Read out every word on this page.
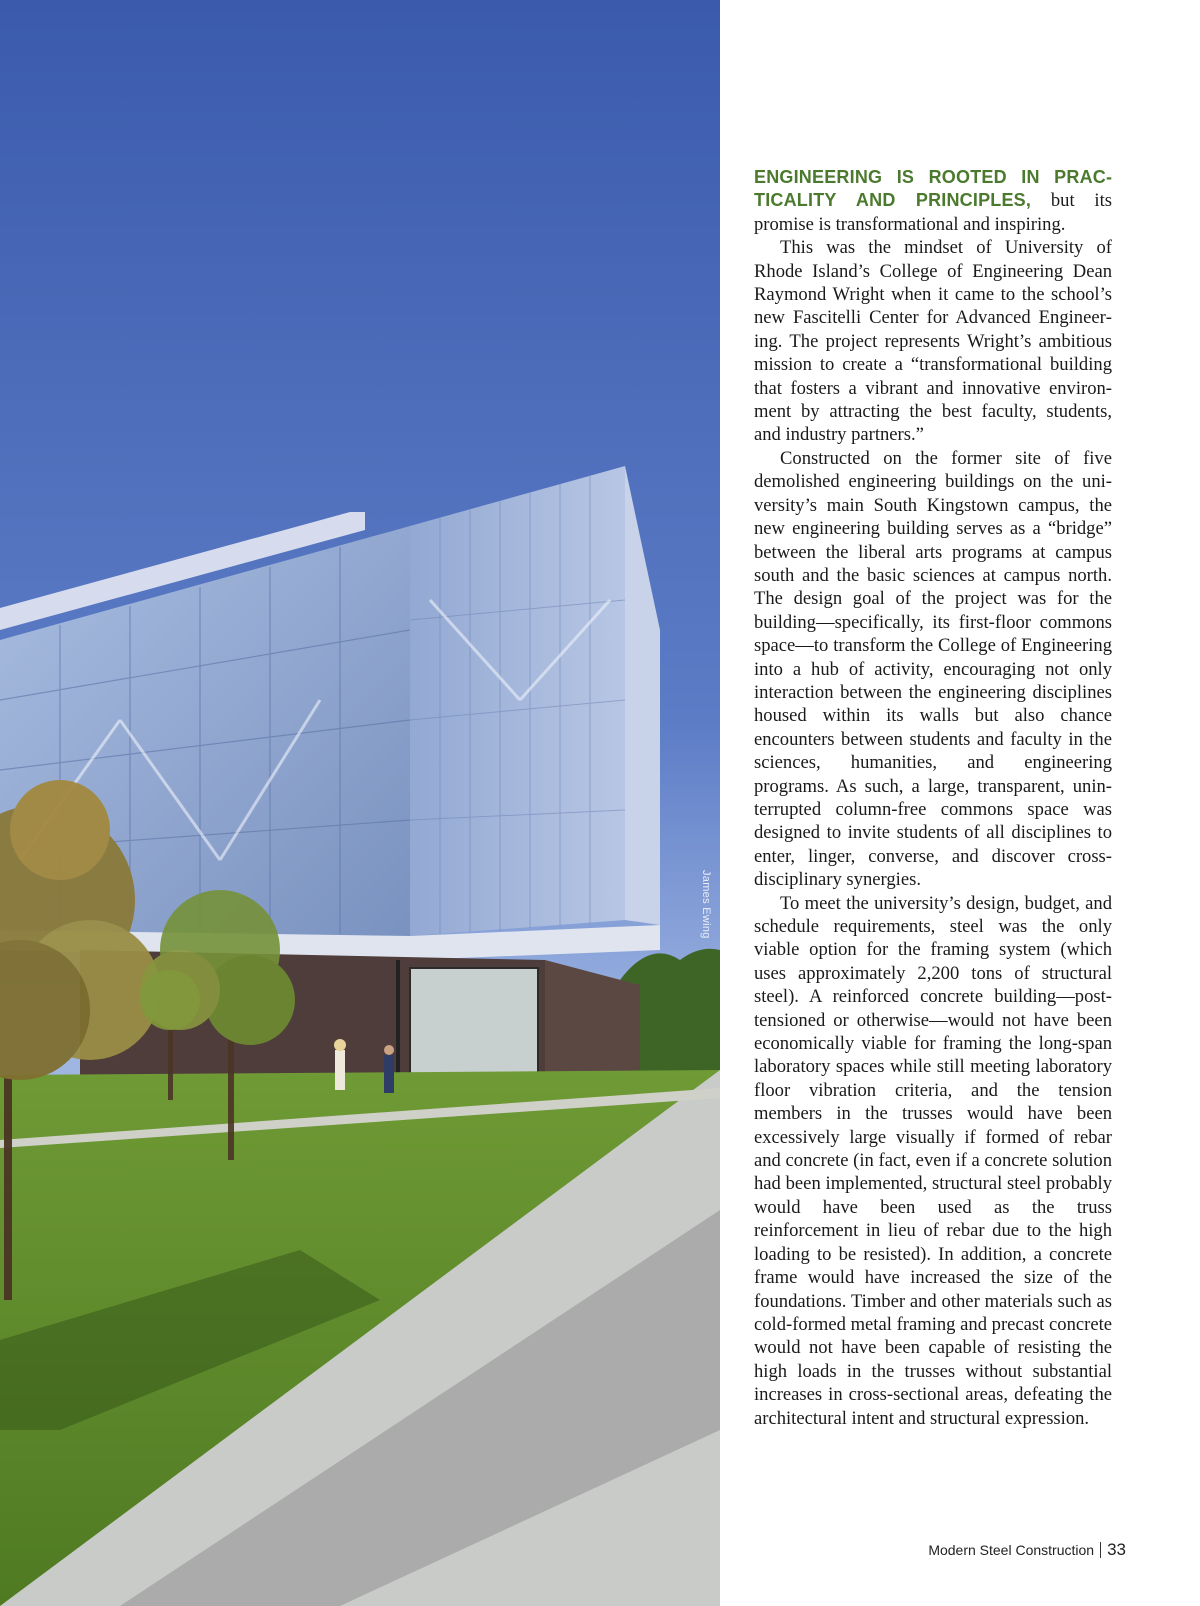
James Ewing

ENGINEERING IS ROOTED IN PRACTICALITY AND PRINCIPLES, but its promise is transformational and inspiring.

This was the mindset of University of Rhode Island’s College of Engineering Dean Raymond Wright when it came to the school’s new Fascitelli Center for Advanced Engineering. The project represents Wright’s ambitious mission to create a “transformational building that fosters a vibrant and innovative environment by attracting the best faculty, students, and industry partners.”

Constructed on the former site of five demolished engineering buildings on the university’s main South Kingstown campus, the new engineering building serves as a “bridge” between the liberal arts programs at campus south and the basic sciences at campus north. The design goal of the project was for the building—specifically, its first-floor commons space—to transform the College of Engineering into a hub of activity, encouraging not only interaction between the engineering disciplines housed within its walls but also chance encounters between students and faculty in the sciences, humanities, and engineering programs. As such, a large, transparent, uninterrupted column-free commons space was designed to invite students of all disciplines to enter, linger, converse, and discover cross-disciplinary synergies.

To meet the university’s design, budget, and schedule requirements, steel was the only viable option for the framing system (which uses approximately 2,200 tons of structural steel). A reinforced concrete building—post-tensioned or otherwise—would not have been economically viable for framing the long-span laboratory spaces while still meeting laboratory floor vibration criteria, and the tension members in the trusses would have been excessively large visually if formed of rebar and concrete (in fact, even if a concrete solution had been implemented, structural steel probably would have been used as the truss reinforcement in lieu of rebar due to the high loading to be resisted). In addition, a concrete frame would have increased the size of the foundations. Timber and other materials such as cold-formed metal framing and precast concrete would not have been capable of resisting the high loads in the trusses without substantial increases in cross-sectional areas, defeating the architectural intent and structural expression.

Modern Steel Construction 33
